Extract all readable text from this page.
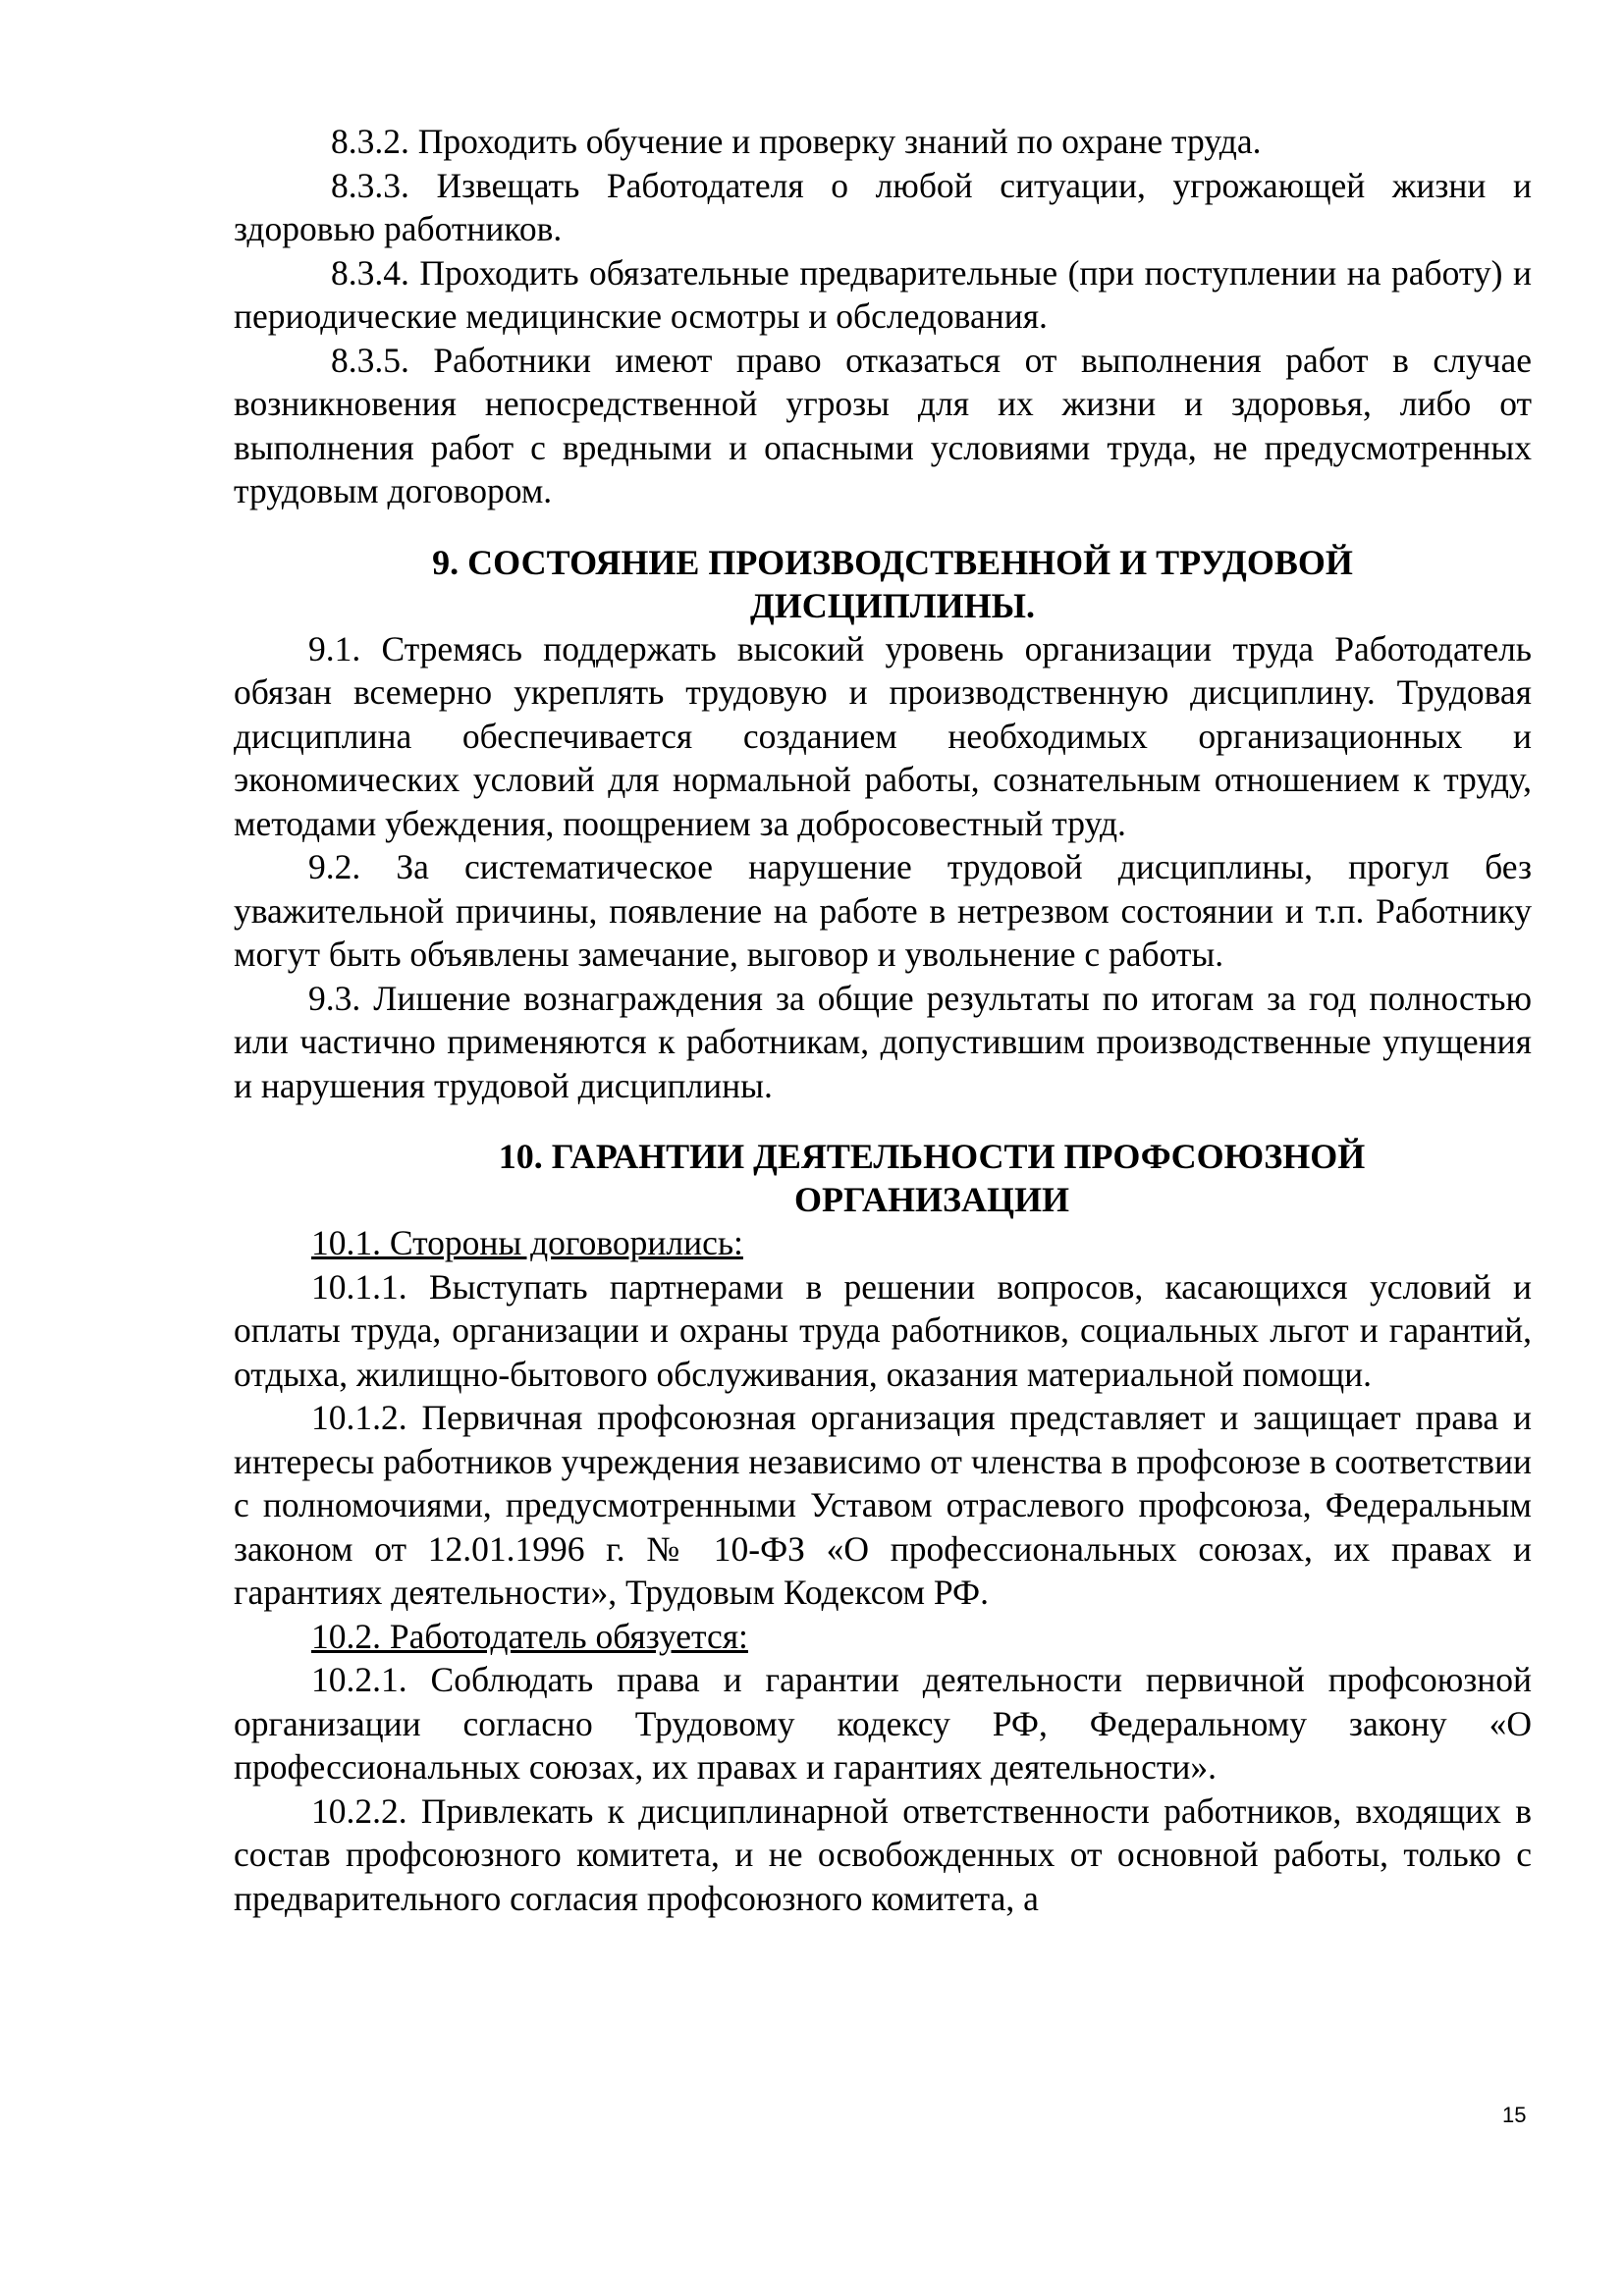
8.3.2. Проходить обучение и проверку знаний по охране труда.

8.3.3. Извещать Работодателя о любой ситуации, угрожающей жизни и здоровью работников.

8.3.4. Проходить обязательные предварительные (при поступлении на работу) и периодические медицинские осмотры и обследования.

8.3.5. Работники имеют право отказаться от выполнения работ в случае возникновения непосредственной угрозы для их жизни и здоровья, либо от выполнения работ с вредными и опасными условиями труда, не предусмотренных трудовым договором.

9. СОСТОЯНИЕ ПРОИЗВОДСТВЕННОЙ И ТРУДОВОЙ
ДИСЦИПЛИНЫ.

9.1. Стремясь поддержать высокий уровень организации труда Работодатель обязан всемерно укреплять трудовую и производственную дисциплину. Трудовая дисциплина обеспечивается созданием необходимых организационных и экономических условий для нормальной работы, сознательным отношением к труду, методами убеждения, поощрением за добросовестный труд.

9.2. За систематическое нарушение трудовой дисциплины, прогул без уважительной причины, появление на работе в нетрезвом состоянии и т.п. Работнику могут быть объявлены замечание, выговор и увольнение с работы.

9.3. Лишение вознаграждения за общие результаты по итогам за год полностью или частично применяются к работникам, допустившим производственные упущения и нарушения трудовой дисциплины.

10. ГАРАНТИИ ДЕЯТЕЛЬНОСТИ ПРОФСОЮЗНОЙ
ОРГАНИЗАЦИИ

10.1. Стороны договорились:

10.1.1. Выступать партнерами в решении вопросов, касающихся условий и оплаты труда, организации и охраны труда работников, социальных льгот и гарантий, отдыха, жилищно-бытового обслуживания, оказания материальной помощи.

10.1.2. Первичная профсоюзная организация представляет и защищает права и интересы работников учреждения независимо от членства в профсоюзе в соответствии с полномочиями, предусмотренными Уставом отраслевого профсоюза, Федеральным законом от 12.01.1996 г. № 10-ФЗ «О профессиональных союзах, их правах и гарантиях деятельности», Трудовым Кодексом РФ.

10.2. Работодатель обязуется:

10.2.1. Соблюдать права и гарантии деятельности первичной профсоюзной организации согласно Трудовому кодексу РФ, Федеральному закону «О профессиональных союзах, их правах и гарантиях деятельности».

10.2.2. Привлекать к дисциплинарной ответственности работников, входящих в состав профсоюзного комитета, и не освобожденных от основной работы, только с предварительного согласия профсоюзного комитета, а

15
